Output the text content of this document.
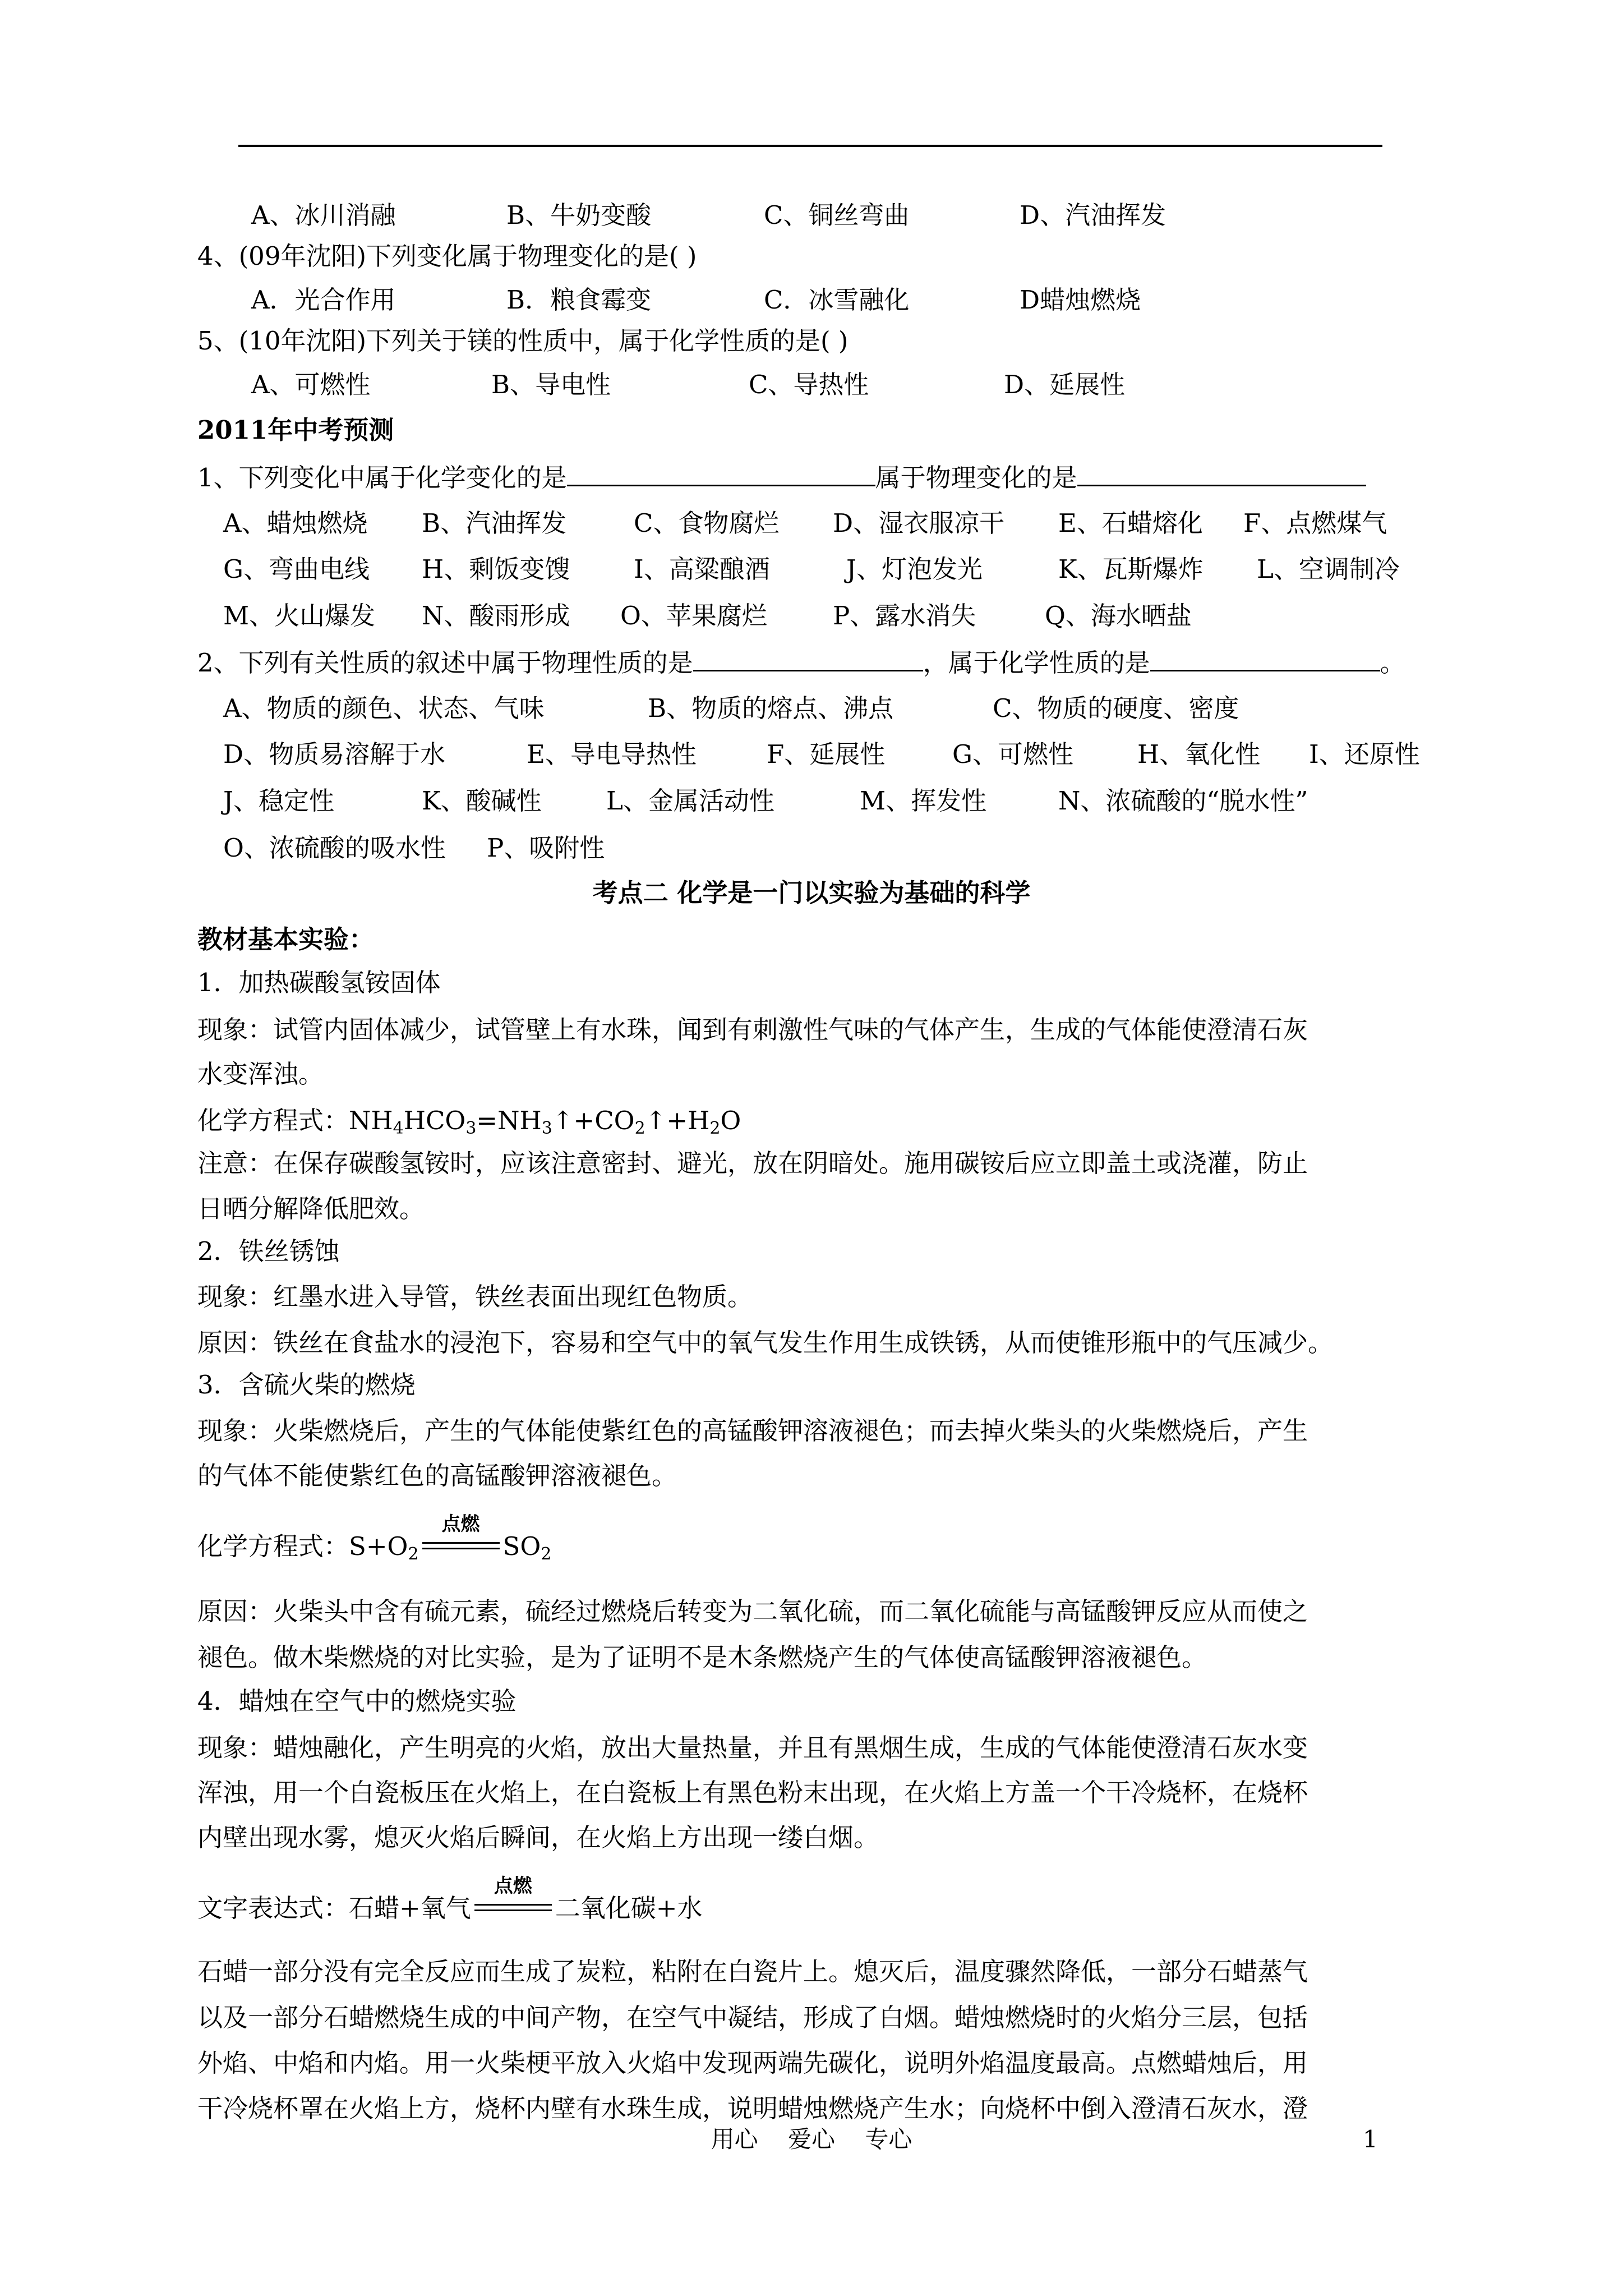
A、冰川消融	B、牛奶变酸	C、铜丝弯曲	D、汽油挥发
4、(09年沈阳)下列变化属于物理变化的是( )
A．光合作用	B．粮食霉变	C．冰雪融化	D蜡烛燃烧
5、(10年沈阳)下列关于镁的性质中，属于化学性质的是( )
A、可燃性	B、导电性	C、导热性	D、延展性
2011年中考预测
1、下列变化中属于化学变化的是	属于物理变化的是
A、蜡烛燃烧 B、汽油挥发	C、食物腐烂 D、湿衣服凉干 E、石蜡熔化 F、点燃煤气
G、弯曲电线 H、剩饭变馊	I、高粱酿酒	J、灯泡发光	K、瓦斯爆炸 L、空调制冷
M、火山爆发 N、酸雨形成 O、苹果腐烂	P、露水消失	Q、海水晒盐
2、下列有关性质的叙述中属于物理性质的是	，属于化学性质的是	。
A、物质的颜色、状态、气味	B、物质的熔点、沸点	C、物质的硬度、密度
D、物质易溶解于水	E、导电导热性	F、延展性	G、可燃性	H、氧化性 I、还原性
J、稳定性	K、酸碱性	L、金属活动性	M、挥发性	N、浓硫酸的“脱水性”
O、浓硫酸的吸水性 P、吸附性
考点二 化学是一门以实验为基础的科学
教材基本实验：
1．加热碳酸氢铵固体
现象：试管内固体减少，试管壁上有水珠，闻到有刺激性气味的气体产生，生成的气体能使澄清石灰
水变浑浊。
化学方程式：$NH_4HCO_3=NH_3↑+CO_2↑+H_2O$
注意：在保存碳酸氢铵时，应该注意密封、避光，放在阴暗处。施用碳铵后应立即盖土或浇灌，防止
日晒分解降低肥效。
2．铁丝锈蚀
现象：红墨水进入导管，铁丝表面出现红色物质。
原因：铁丝在食盐水的浸泡下，容易和空气中的氧气发生作用生成铁锈，从而使锥形瓶中的气压减少。
3．含硫火柴的燃烧
现象：火柴燃烧后，产生的气体能使紫红色的高锰酸钾溶液褪色；而去掉火柴头的火柴燃烧后，产生
的气体不能使紫红色的高锰酸钾溶液褪色。
化学方程式：$S+O_2$
点燃
$SO_2$
原因：火柴头中含有硫元素，硫经过燃烧后转变为二氧化硫，而二氧化硫能与高锰酸钾反应从而使之
褪色。做木柴燃烧的对比实验，是为了证明不是木条燃烧产生的气体使高锰酸钾溶液褪色。
4．蜡烛在空气中的燃烧实验
现象：蜡烛融化，产生明亮的火焰，放出大量热量，并且有黑烟生成，生成的气体能使澄清石灰水变
浑浊，用一个白瓷板压在火焰上，在白瓷板上有黑色粉末出现，在火焰上方盖一个干冷烧杯，在烧杯
内壁出现水雾，熄灭火焰后瞬间，在火焰上方出现一缕白烟。
文字表达式：石蜡+氧气
点燃
二氧化碳+水
石蜡一部分没有完全反应而生成了炭粒，粘附在白瓷片上。熄灭后，温度骤然降低，一部分石蜡蒸气
以及一部分石蜡燃烧生成的中间产物，在空气中凝结，形成了白烟。蜡烛燃烧时的火焰分三层，包括
外焰、中焰和内焰。用一火柴梗平放入火焰中发现两端先碳化，说明外焰温度最高。点燃蜡烛后，用
干冷烧杯罩在火焰上方，烧杯内壁有水珠生成，说明蜡烛燃烧产生水；向烧杯中倒入澄清石灰水，澄
用心 爱心 专心	1
